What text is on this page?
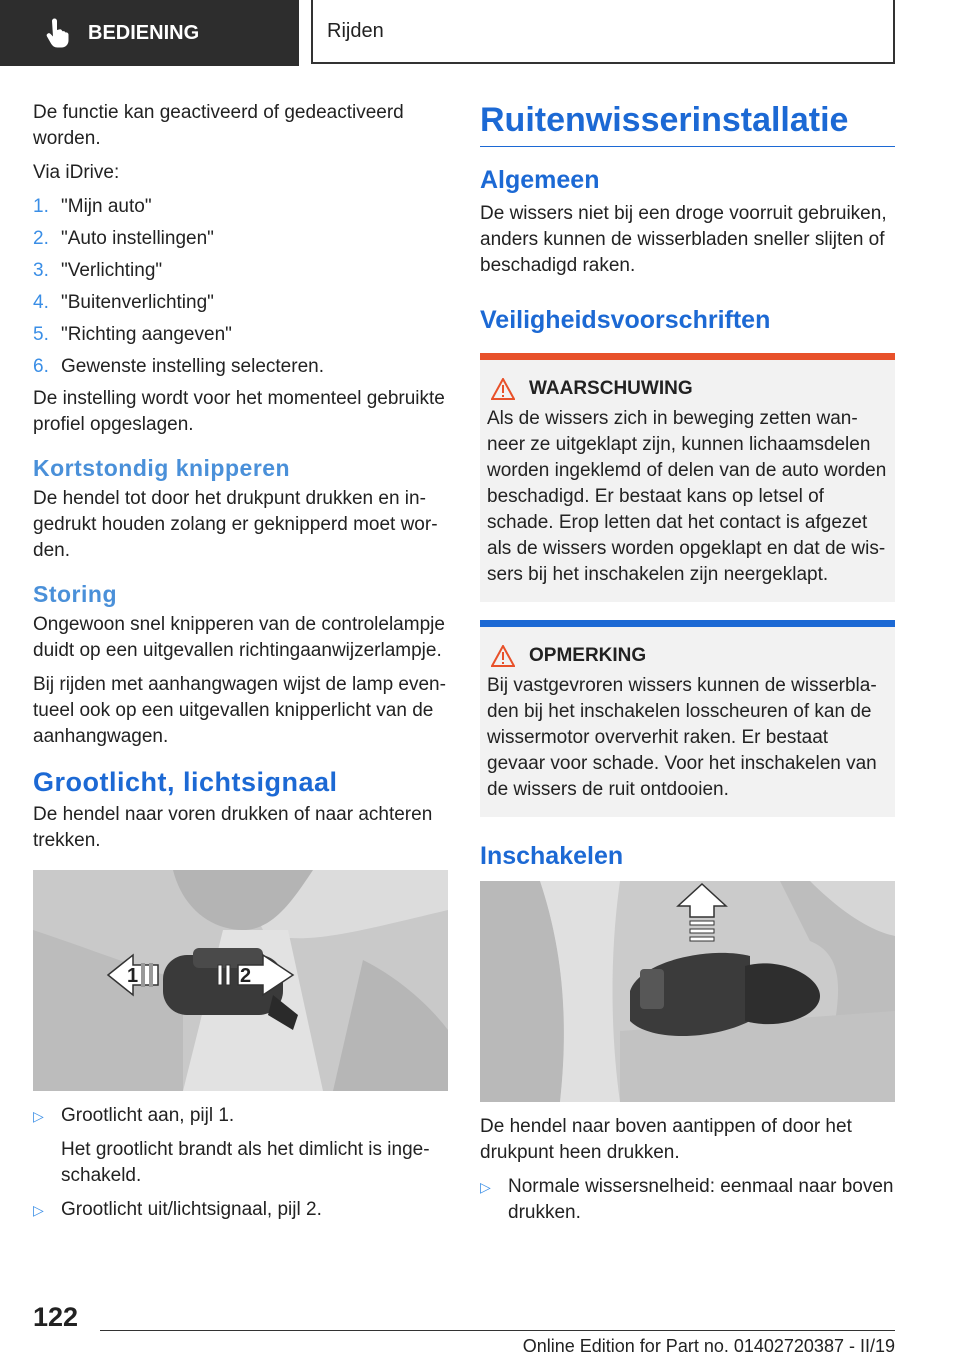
BEDIENING	Rijden

De functie kan geactiveerd of gedeactiveerd worden.

Via iDrive:

1. "Mijn auto"
2. "Auto instellingen"
3. "Verlichting"
4. "Buitenverlichting"
5. "Richting aangeven"
6. Gewenste instelling selecteren.

De instelling wordt voor het momenteel gebruikte profiel opgeslagen.

Kortstondig knipperen

De hendel tot door het drukpunt drukken en ingedrukt houden zolang er geknipperd moet worden.

Storing

Ongewoon snel knipperen van de controlelampje duidt op een uitgevallen richtingaanwijzerlampje.

Bij rijden met aanhangwagen wijst de lamp eventueel ook op een uitgevallen knipperlicht van de aanhangwagen.

Grootlicht, lichtsignaal

De hendel naar voren drukken of naar achteren trekken.

1	2
▷ Grootlicht aan, pijl 1.
Het grootlicht brandt als het dimlicht is ingeschakeld.
▷ Grootlicht uit/lichtsignaal, pijl 2.
Ruitenwisserinstallatie
Algemeen

De wissers niet bij een droge voorruit gebruiken, anders kunnen de wisserbladen sneller slijten of beschadigd raken.

Veiligheidsvoorschriften
WAARSCHUWING

Als de wissers zich in beweging zetten wanneer ze uitgeklapt zijn, kunnen lichaamsdelen worden ingeklemd of delen van de auto worden beschadigd. Er bestaat kans op letsel of schade. Erop letten dat het contact is afgezet als de wissers worden opgeklapt en dat de wissers bij het inschakelen zijn neergeklapt.

OPMERKING

Bij vastgevroren wissers kunnen de wisserbladen bij het inschakelen losscheuren of kan de wissermotor oververhit raken. Er bestaat gevaar voor schade. Voor het inschakelen van de wissers de ruit ontdooien.

Inschakelen

De hendel naar boven aantippen of door het drukpunt heen drukken.

▷ Normale wissersnelheid: eenmaal naar boven drukken.
122
Online Edition for Part no. 01402720387 - II/19
